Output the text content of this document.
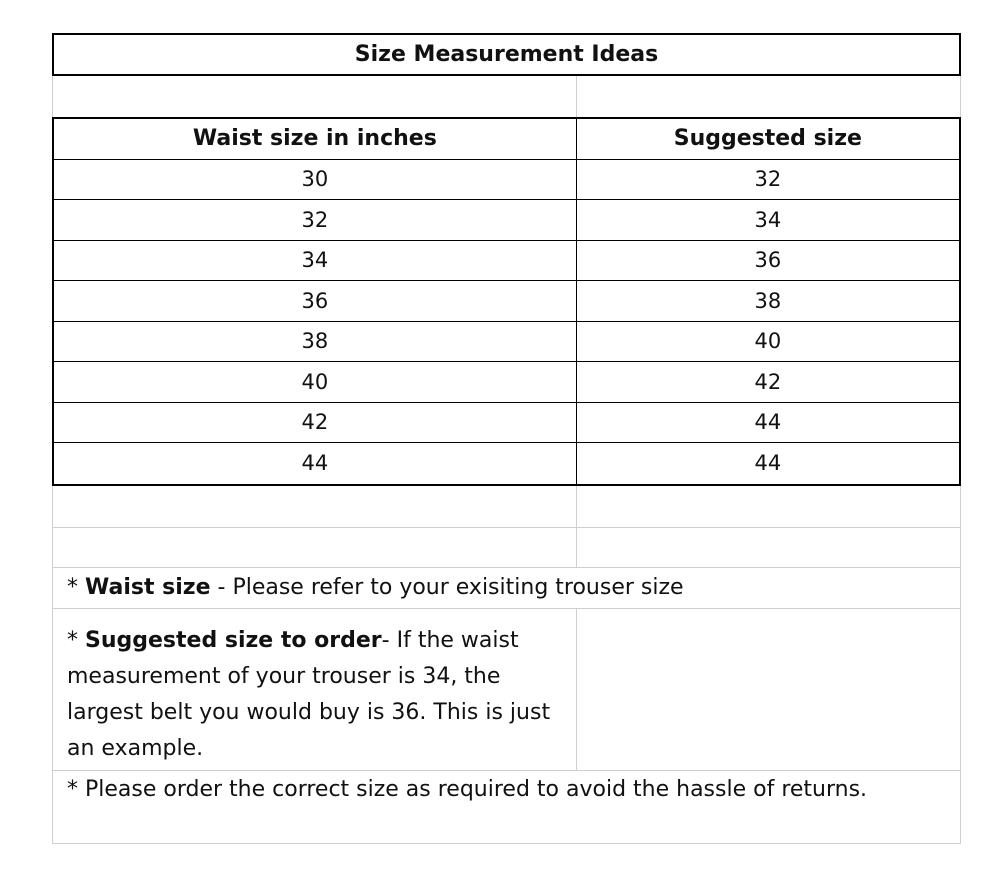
Size Measurement Ideas
Waist size in inches	Suggested size
30	32
32	34
34	36
36	38
38	40
40	42
42	44
44	44
* Waist size - Please refer to your exisiting trouser size
* Suggested size to order- If the waist measurement of your trouser is 34, the largest belt you would buy is 36. This is just an example.
* Please order the correct size as required to avoid the hassle of returns.
